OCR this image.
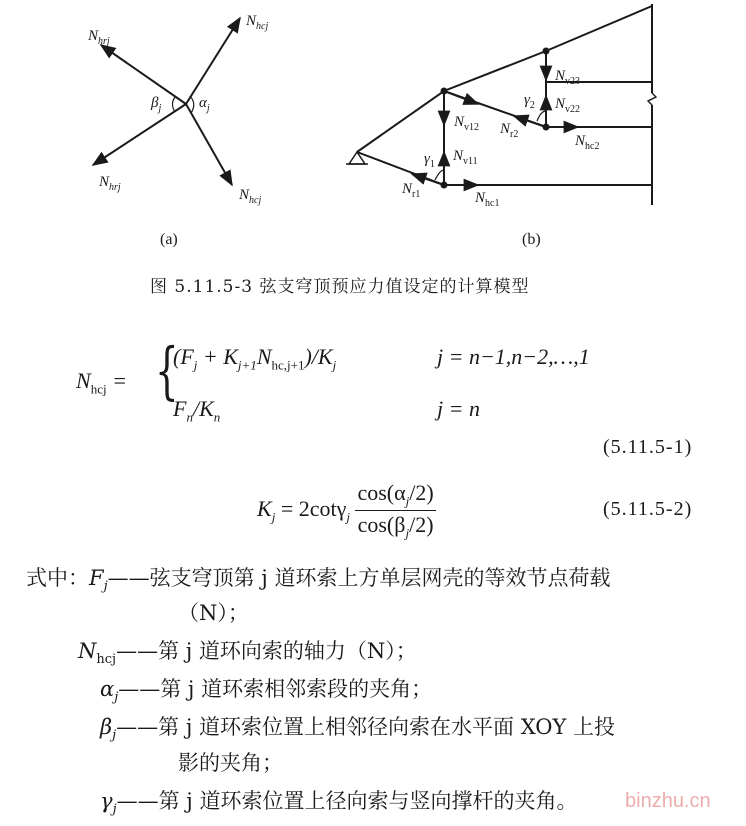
$N_{hrj}$
$N_{hcj}$
$N_{hrj}$	$N_{hcj}$
$\beta_j$	$\alpha_j$
$N_{v23}$
$N_{v22}$
$N_{v12}$
$N_{v11}$
$N_{r2}$
$N_{r1}$
$N_{hc2}$
$N_{hc1}$
$\gamma_2$
$\gamma_1$
(a)	(b)
图 5.11.5-3 弦支穹顶预应力值设定的计算模型
$N_{hcj}$ = {
$(F_j + K_{j+1}N_{hc,j+1})/K_j$	j = n−1,n−2,…,1
$F_n/K_n$	j = n
(5.11.5-1)
$K_j = 2\cot\gamma_j \frac{\cos(\alpha_j/2)}{\cos(\beta_j/2)}$	(5.11.5-2)
式中：$F_j——$弦支穹顶第 j 道环索上方单层网壳的等效节点荷载
（N）；
$N_{hcj}——$第 j 道环向索的轴力（N）；
$\alpha_j——$第 j 道环索相邻索段的夹角；
$\beta_j——$第 j 道环索位置上相邻径向索在水平面 XOY 上投
影的夹角；
$\gamma_j——$第 j 道环索位置上径向索与竖向撑杆的夹角。 binzhu.cn
